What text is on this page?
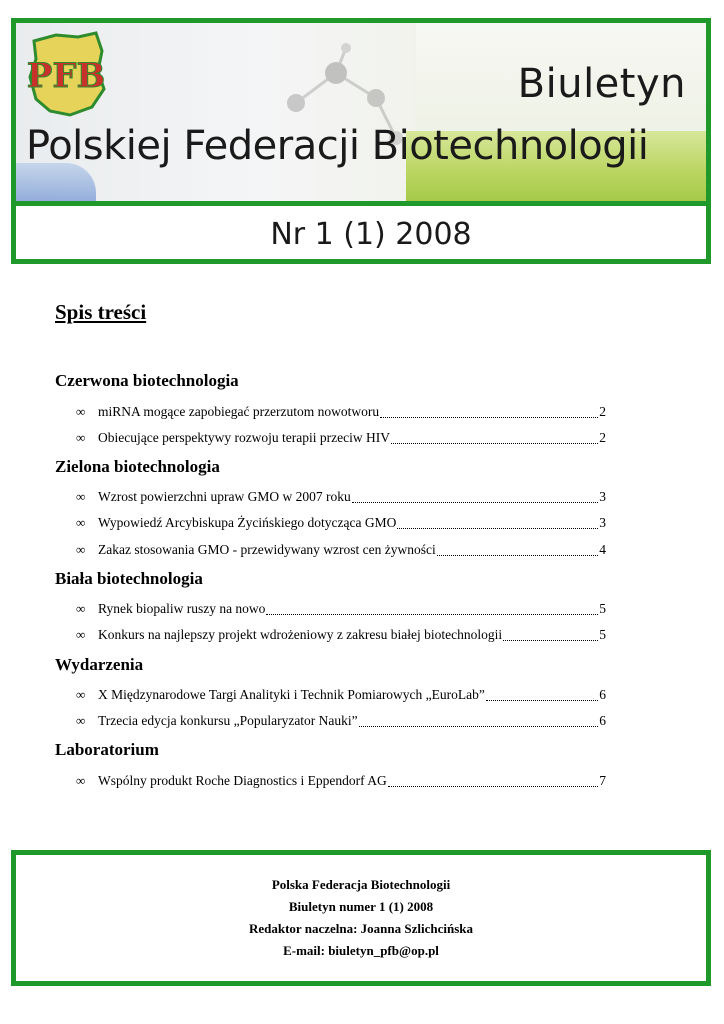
PFB	Biuletyn
Polskiej Federacji Biotechnologii
Nr 1 (1) 2008
Spis treści
Czerwona biotechnologia
∞ miRNA mogące zapobiegać przerzutom nowotworu	2
∞ Obiecujące perspektywy rozwoju terapii przeciw HIV	2
Zielona biotechnologia
∞ Wzrost powierzchni upraw GMO w 2007 roku	3
∞ Wypowiedź Arcybiskupa Życińskiego dotycząca GMO	3
∞ Zakaz stosowania GMO - przewidywany wzrost cen żywności	4
Biała biotechnologia
∞ Rynek biopaliw ruszy na nowo	5
∞ Konkurs na najlepszy projekt wdrożeniowy z zakresu białej biotechnologii	5
Wydarzenia
∞ X Międzynarodowe Targi Analityki i Technik Pomiarowych „EuroLab”	6
∞ Trzecia edycja konkursu „Popularyzator Nauki”	6
Laboratorium
∞ Wspólny produkt Roche Diagnostics i Eppendorf AG	7
Polska Federacja Biotechnologii
Biuletyn numer 1 (1) 2008
Redaktor naczelna: Joanna Szlichcińska
E-mail: biuletyn_pfb@op.pl
